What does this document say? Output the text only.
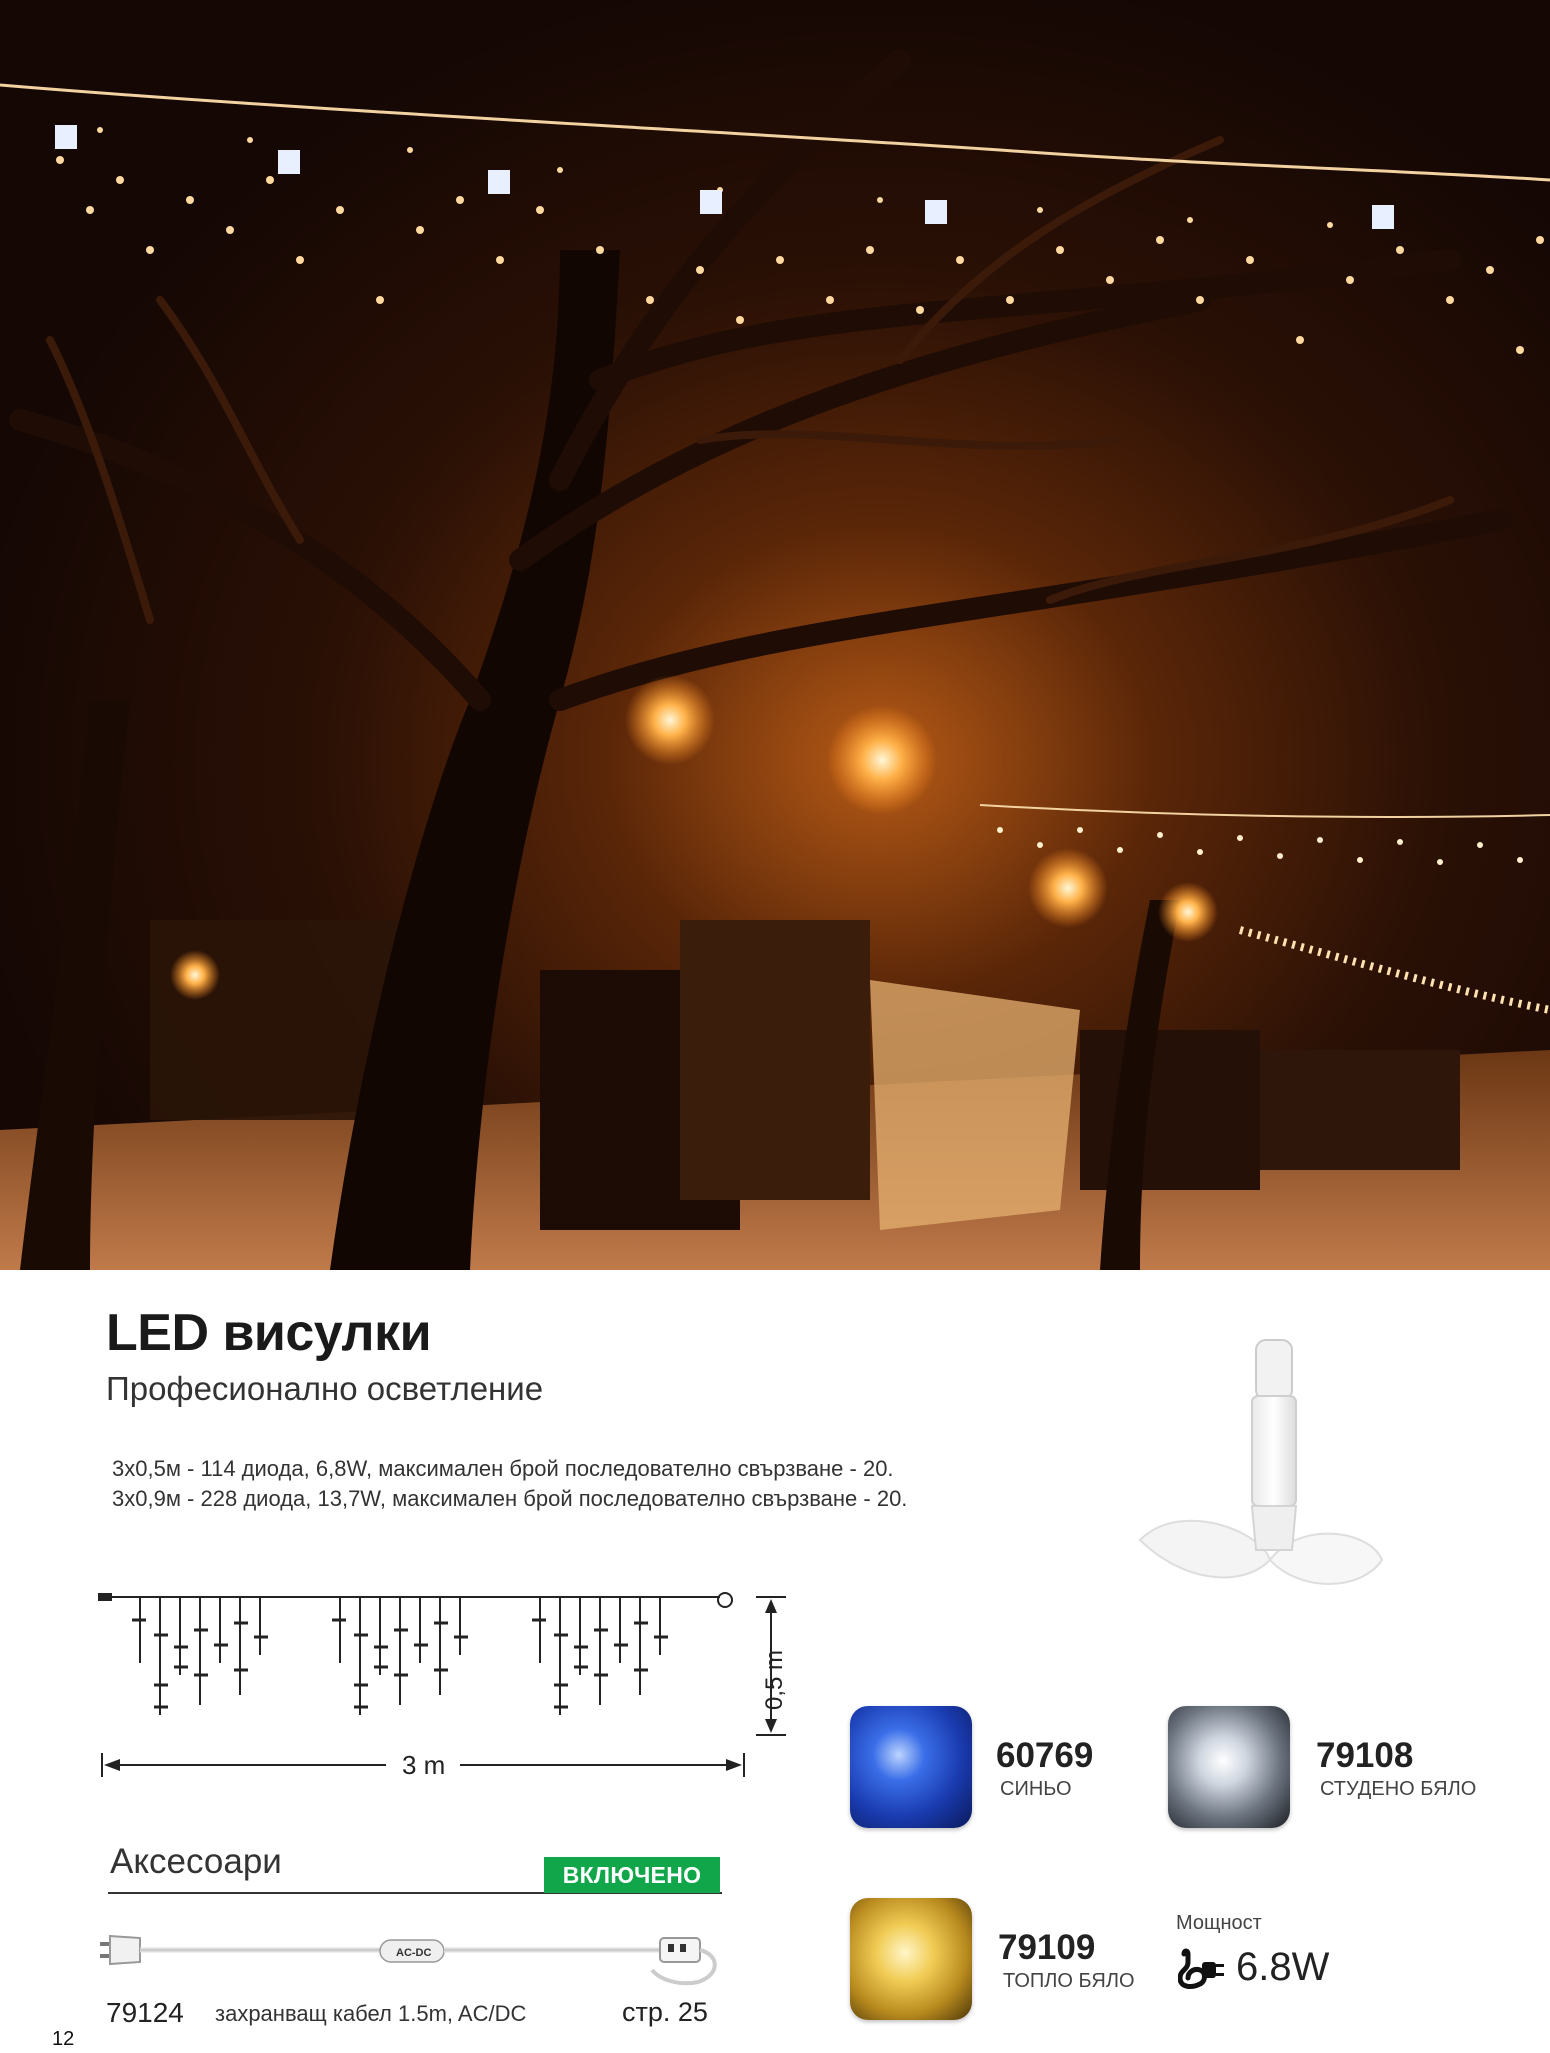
LED висулки
Професионално осветление
3x0,5м - 114 диода, 6,8W, максимален брой последователно свързване - 20.
3x0,9м - 228 диода, 13,7W, максимален брой последователно свързване - 20.
0,5 m
3 m
Аксесоари	ВКЛЮЧЕНО
AC-DC
79124 захранващ кабел 1.5m, AC/DC	стр. 25
12
60769
СИНЬО
79108
СТУДЕНО БЯЛО
79109
ТОПЛО БЯЛО
Мощност
6.8W
